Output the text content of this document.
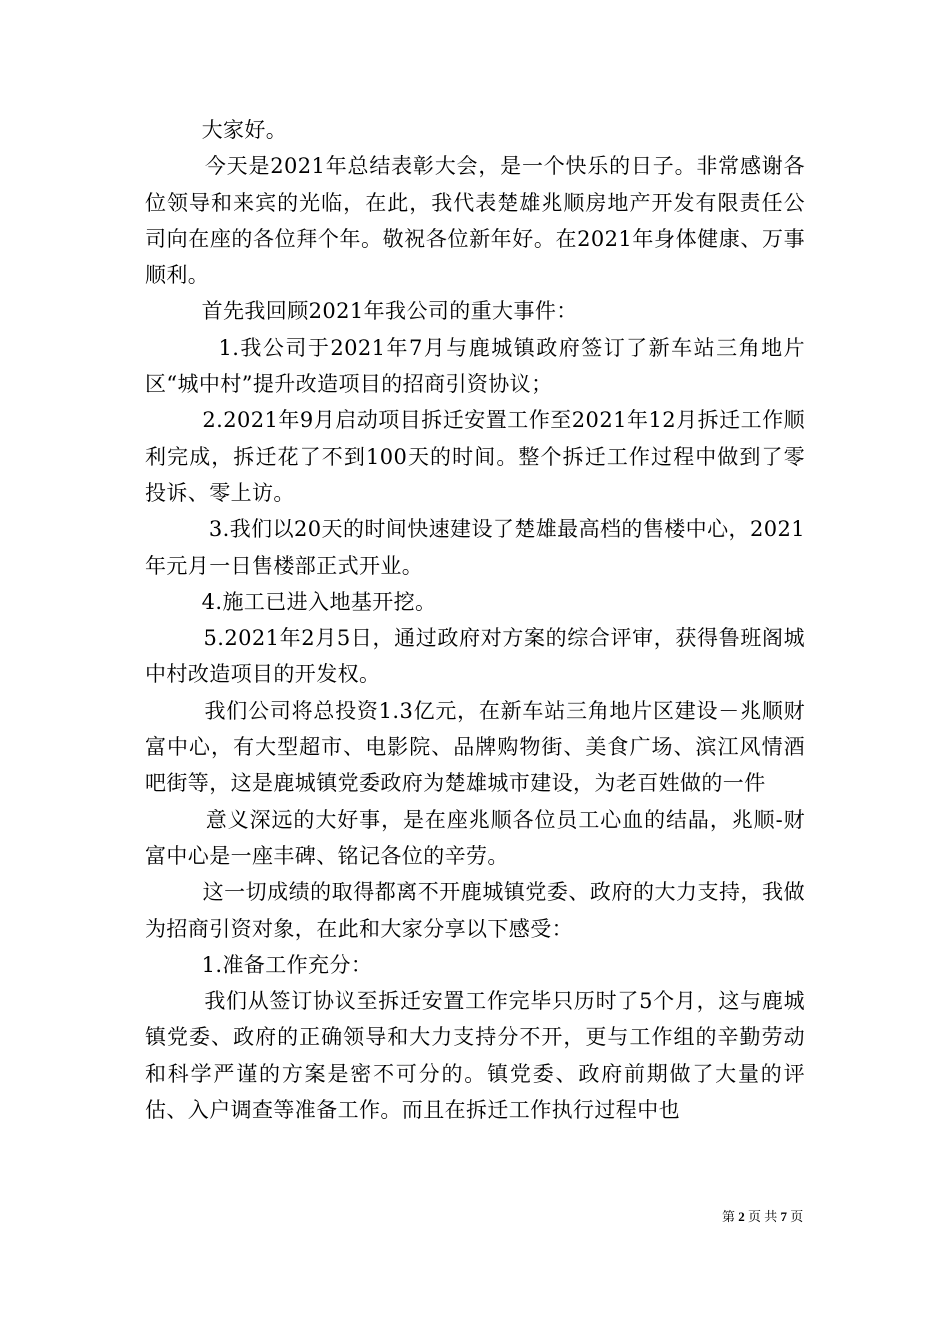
大家好。

今天是2021年总结表彰大会，是一个快乐的日子。非常感谢各位领导和来宾的光临，在此，我代表楚雄兆顺房地产开发有限责任公司向在座的各位拜个年。敬祝各位新年好。在2021年身体健康、万事顺利。

首先我回顾2021年我公司的重大事件：

1.我公司于2021年7月与鹿城镇政府签订了新车站三角地片区“城中村”提升改造项目的招商引资协议；

2.2021年9月启动项目拆迁安置工作至2021年12月拆迁工作顺利完成，拆迁花了不到100天的时间。整个拆迁工作过程中做到了零投诉、零上访。

3.我们以20天的时间快速建设了楚雄最高档的售楼中心，2021年元月一日售楼部正式开业。

4.施工已进入地基开挖。

5.2021年2月5日，通过政府对方案的综合评审，获得鲁班阁城中村改造项目的开发权。

我们公司将总投资1.3亿元，在新车站三角地片区建设－兆顺财富中心，有大型超市、电影院、品牌购物街、美食广场、滨江风情酒吧街等，这是鹿城镇党委政府为楚雄城市建设，为老百姓做的一件

意义深远的大好事，是在座兆顺各位员工心血的结晶，兆顺-财富中心是一座丰碑、铭记各位的辛劳。

这一切成绩的取得都离不开鹿城镇党委、政府的大力支持，我做为招商引资对象，在此和大家分享以下感受：

1.准备工作充分：

我们从签订协议至拆迁安置工作完毕只历时了5个月，这与鹿城镇党委、政府的正确领导和大力支持分不开，更与工作组的辛勤劳动和科学严谨的方案是密不可分的。镇党委、政府前期做了大量的评估、入户调查等准备工作。而且在拆迁工作执行过程中也

第 2 页 共 7 页
